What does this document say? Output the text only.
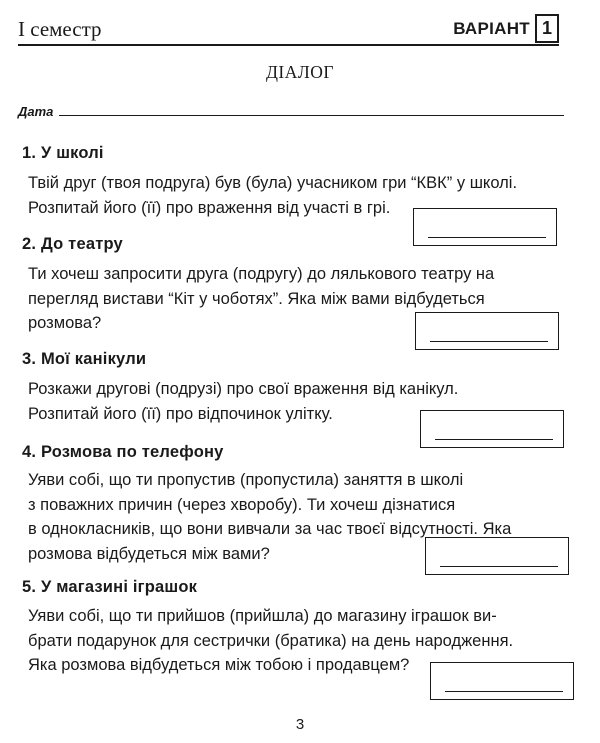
І семестр	ВАРІАНТ 1
ДІАЛОГ
Дата
1. У школі
Твій друг (твоя подруга) був (була) учасником гри “КВК” у школі.
Розпитай його (її) про враження від участі в грі.
2. До театру
Ти хочеш запросити друга (подругу) до лялькового театру на
перегляд вистави “Кіт у чоботях”. Яка між вами відбудеться
розмова?
3. Мої канікули
Розкажи другові (подрузі) про свої враження від канікул.
Розпитай його (її) про відпочинок улітку.
4. Розмова по телефону
Уяви собі, що ти пропустив (пропустила) заняття в школі
з поважних причин (через хворобу). Ти хочеш дізнатися
в однокласників, що вони вивчали за час твоєї відсутності. Яка
розмова відбудеться між вами?
5. У магазині іграшок
Уяви собі, що ти прийшов (прийшла) до магазину іграшок ви-
брати подарунок для сестрички (братика) на день народження.
Яка розмова відбудеться між тобою і продавцем?
3
